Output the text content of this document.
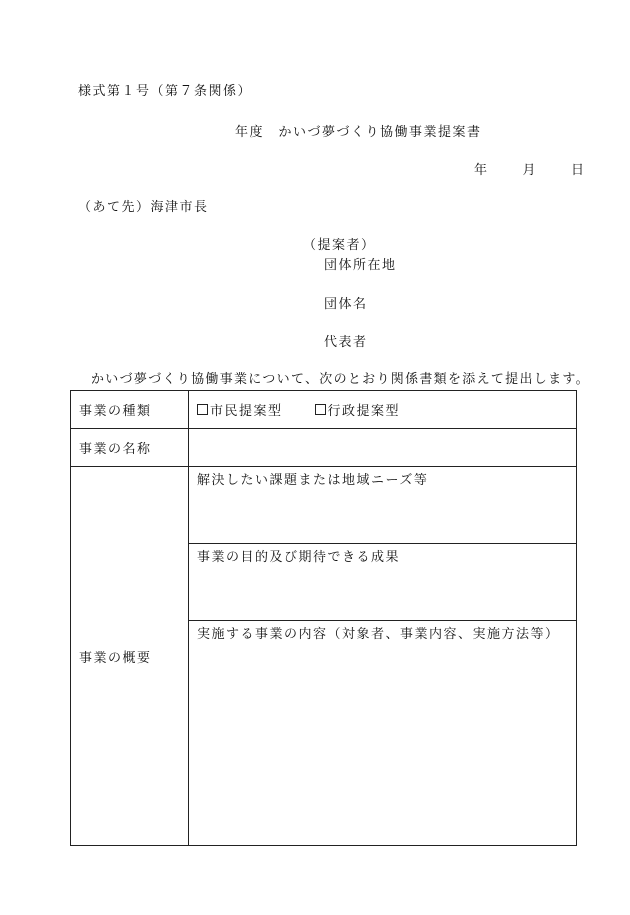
様式第１号（第７条関係）
年度　かいづ夢づくり協働事業提案書
年	月	日
（あて先）海津市長
（提案者）
団体所在地
団体名
代表者
かいづ夢づくり協働事業について、次のとおり関係書類を添えて提出します。
事業の種類	市民提案型 行政提案型
事業の名称	
事業の概要	解決したい課題または地域ニーズ等
	事業の目的及び期待できる成果
	実施する事業の内容（対象者、事業内容、実施方法等）
